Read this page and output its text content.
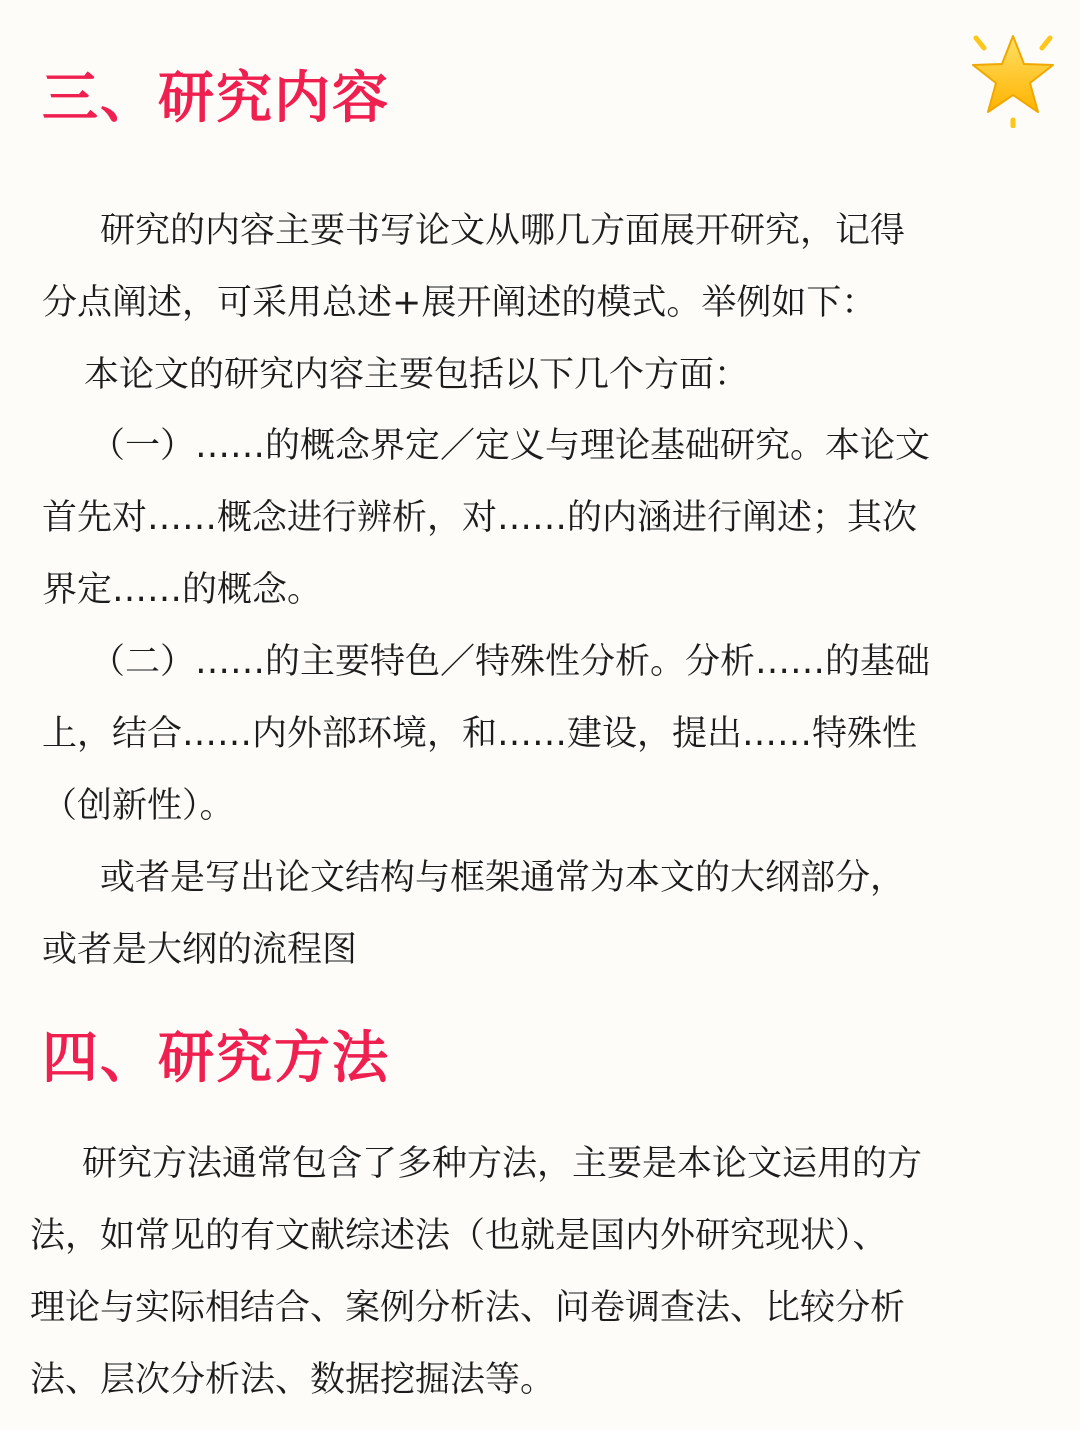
三、研究内容

研究的内容主要书写论文从哪几方面展开研究，记得

分点阐述，可采用总述+展开阐述的模式。举例如下：

本论文的研究内容主要包括以下几个方面：

（一）……的概念界定／定义与理论基础研究。本论文

首先对……概念进行辨析，对……的内涵进行阐述；其次

界定……的概念。

（二）……的主要特色／特殊性分析。分析……的基础

上，结合……内外部环境，和……建设，提出……特殊性

（创新性）。

或者是写出论文结构与框架通常为本文的大纲部分，

或者是大纲的流程图

四、研究方法

研究方法通常包含了多种方法，主要是本论文运用的方

法，如常见的有文献综述法（也就是国内外研究现状）、

理论与实际相结合、案例分析法、问卷调查法、比较分析

法、层次分析法、数据挖掘法等。
